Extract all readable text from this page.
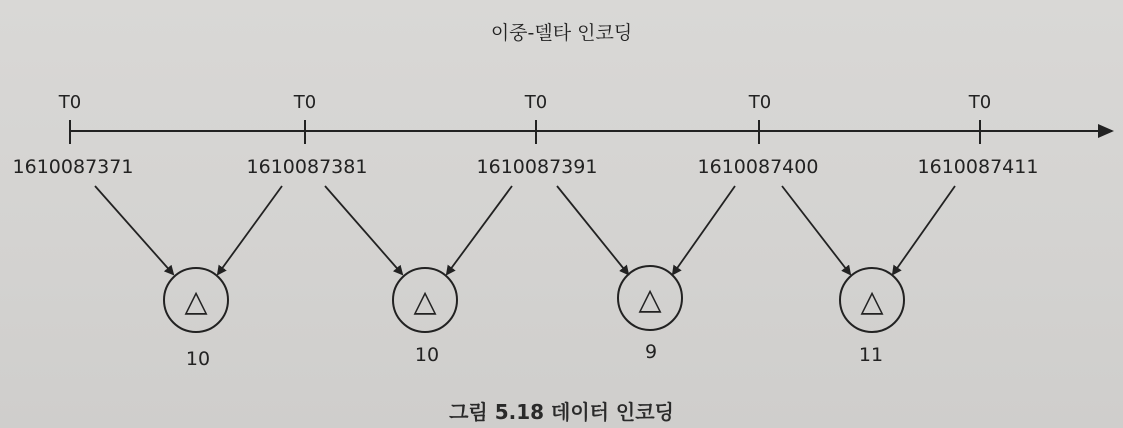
이중-델타 인코딩
T0
1610087371
T0
1610087381
T0
1610087391
T0
1610087400
T0
1610087411
△
10
△
10
△
9
△
11
그림 5.18 데이터 인코딩
